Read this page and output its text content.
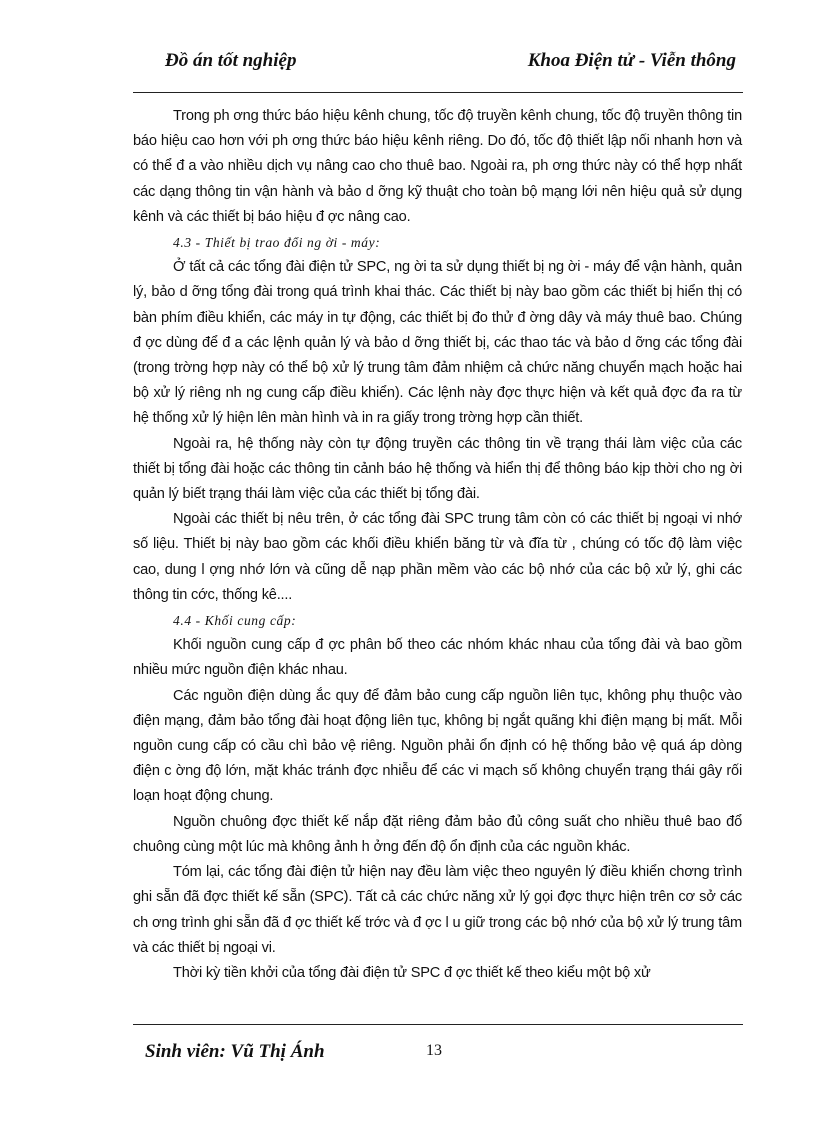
Đồ án tốt nghiệp	Khoa Điện tử - Viễn thông

Trong ph ơng thức báo hiệu kênh chung, tốc độ truyền kênh chung, tốc độ truyền thông tin báo hiệu cao hơn với ph ơng thức báo hiệu kênh riêng. Do đó, tốc độ thiết lập nối nhanh hơn và có thể đ a vào nhiều dịch vụ nâng cao cho thuê bao. Ngoài ra, ph ơng thức này có thể hợp nhất các dạng thông tin vận hành và bảo d ỡng kỹ thuật cho toàn bộ mạng lới nên hiệu quả sử dụng kênh và các thiết bị báo hiệu đ ợc nâng cao.

4.3 - Thiết bị trao đổi ng ời - máy:

Ở tất cả các tổng đài điện tử SPC, ng ời ta sử dụng thiết bị ng ời - máy để vận hành, quản lý, bảo d ỡng tổng đài trong quá trình khai thác. Các thiết bị này bao gồm các thiết bị hiển thị có bàn phím điều khiển, các máy in tự động, các thiết bị đo thử đ ờng dây và máy thuê bao. Chúng đ ợc dùng để đ a các lệnh quản lý và bảo d ỡng thiết bị, các thao tác và bảo d ỡng các tổng đài (trong trờng hợp này có thể bộ xử lý trung tâm đảm nhiệm cả chức năng chuyển mạch hoặc hai bộ xử lý riêng nh ng cung cấp điều khiển). Các lệnh này đợc thực hiện và kết quả đợc đa ra từ hệ thống xử lý hiện lên màn hình và in ra giấy trong trờng hợp cần thiết.

Ngoài ra, hệ thống này còn tự động truyền các thông tin về trạng thái làm việc của các thiết bị tổng đài hoặc các thông tin cảnh báo hệ thống và hiển thị để thông báo kịp thời cho ng ời quản lý biết trạng thái làm việc của các thiết bị tổng đài.

Ngoài các thiết bị nêu trên, ở các tổng đài SPC trung tâm còn có các thiết bị ngoại vi nhớ số liệu. Thiết bị này bao gồm các khối điều khiển băng từ và đĩa từ , chúng có tốc độ làm việc cao, dung l ợng nhớ lớn và cũng dễ nạp phần mềm vào các bộ nhớ của các bộ xử lý, ghi các thông tin cớc, thống kê....

4.4 - Khối cung cấp:

Khối nguồn cung cấp đ ợc phân bố theo các nhóm khác nhau của tổng đài và bao gồm nhiều mức nguồn điện khác nhau.

Các nguồn điện dùng ắc quy để đảm bảo cung cấp nguồn liên tục, không phụ thuộc vào điện mạng, đảm bảo tổng đài hoạt động liên tục, không bị ngắt quãng khi điện mạng bị mất. Mỗi nguồn cung cấp có cầu chì bảo vệ riêng. Nguồn phải ổn định có hệ thống bảo vệ quá áp dòng điện c ờng độ lớn, mặt khác tránh đợc nhiễu để các vi mạch số không chuyển trạng thái gây rối loạn hoạt động chung.

Nguồn chuông đợc thiết kế nắp đặt riêng đảm bảo đủ công suất cho nhiều thuê bao đổ chuông cùng một lúc mà không ảnh h ởng đến độ ổn định của các nguồn khác.

Tóm lại, các tổng đài điện tử hiện nay đều làm việc theo nguyên lý điều khiển chơng trình ghi sẵn đã đợc thiết kế sẵn (SPC). Tất cả các chức năng xử lý gọi đợc thực hiện trên cơ sở các ch ơng trình ghi sẵn đã đ ợc thiết kế trớc và đ ợc l u giữ trong các bộ nhớ của bộ xử lý trung tâm và các thiết bị ngoại vi.

Thời kỳ tiền khởi của tổng đài điện tử SPC đ ợc thiết kế theo kiểu một bộ xử

Sinh viên: Vũ Thị Ánh	13
